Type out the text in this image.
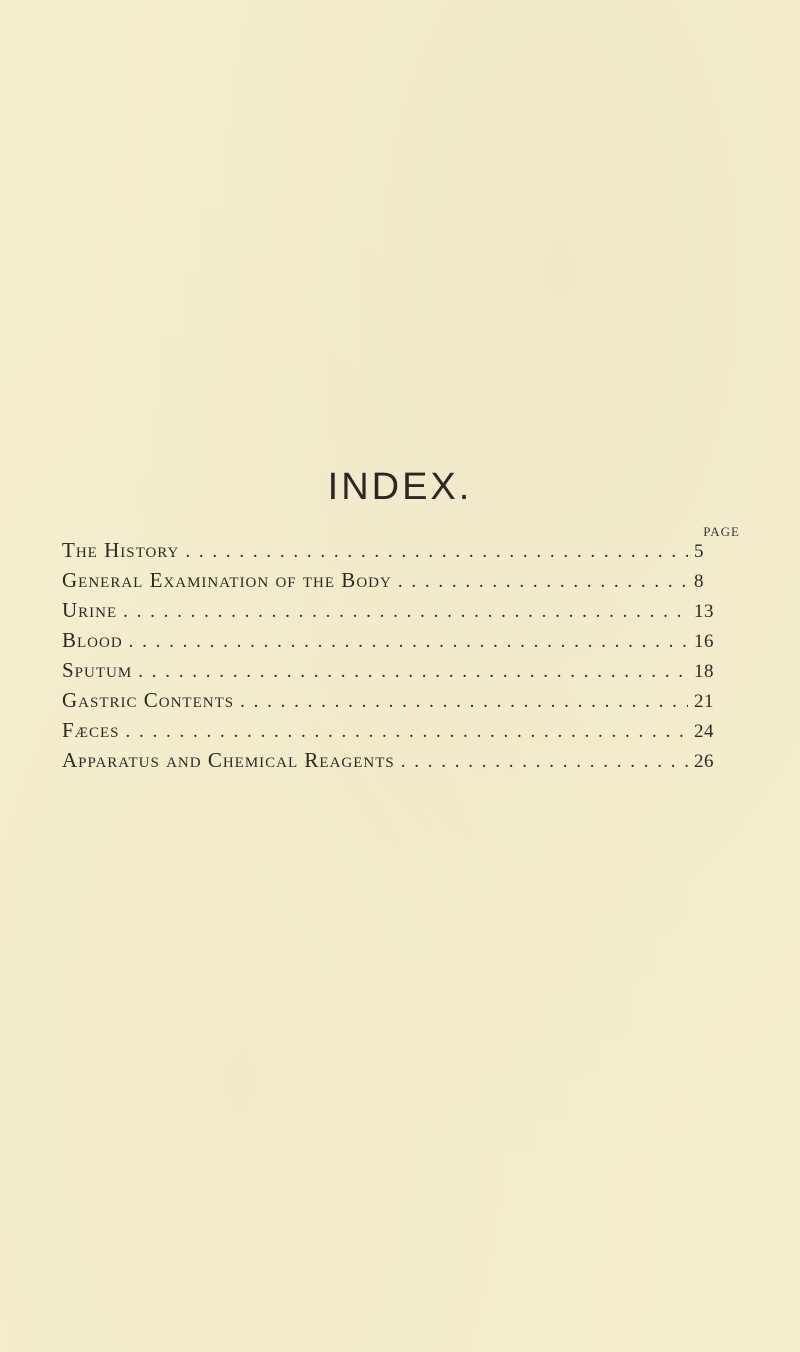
INDEX.
PAGE
The History . . .	5
General Examination of the Body . . .	8
Urine . . .	13
Blood . . .	16
Sputum . . .	18
Gastric Contents . . .	21
Fæces . . .	24
Apparatus and Chemical Reagents . . .	26
